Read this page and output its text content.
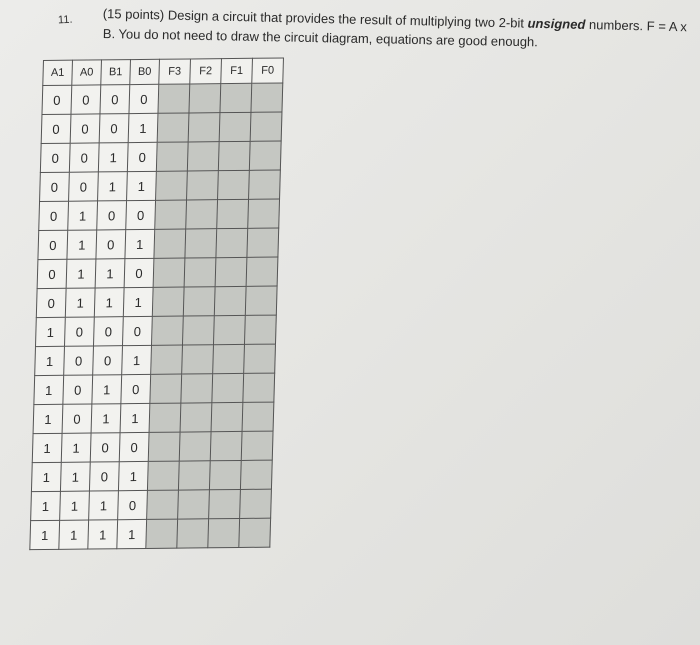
11. (15 points) Design a circuit that provides the result of multiplying two 2-bit unsigned numbers. F = A x
B. You do not need to draw the circuit diagram, equations are good enough.
A1	A0	B1	B0	F3	F2	F1	F0
0	0	0	0				
0	0	0	1				
0	0	1	0				
0	0	1	1				
0	1	0	0				
0	1	0	1				
0	1	1	0				
0	1	1	1				
1	0	0	0				
1	0	0	1				
1	0	1	0				
1	0	1	1				
1	1	0	0				
1	1	0	1				
1	1	1	0				
1	1	1	1				
